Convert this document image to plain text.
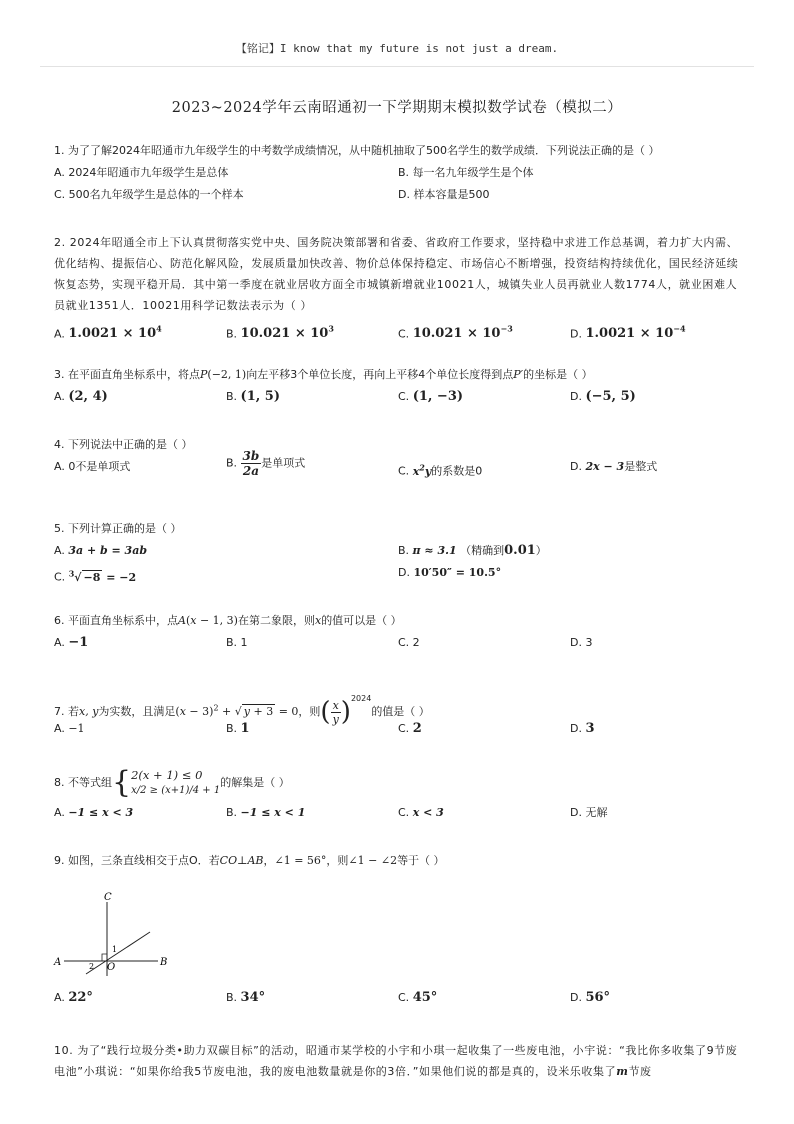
【铭记】I know that my future is not just a dream.
2023~2024学年云南昭通初一下学期期末模拟数学试卷（模拟二）
1. 为了了解2024年昭通市九年级学生的中考数学成绩情况，从中随机抽取了500名学生的数学成绩．下列说法正确的是（ ）
A. 2024年昭通市九年级学生是总体	B. 每一名九年级学生是个体
C. 500名九年级学生是总体的一个样本	D. 样本容量是500
2. 2024年昭通全市上下认真贯彻落实党中央、国务院决策部署和省委、省政府工作要求，坚持稳中求进工作总基调，着力扩大内需、优化结构、提振信心、防范化解风险，发展质量加快改善、物价总体保持稳定、市场信心不断增强，投资结构持续优化，国民经济延续恢复态势，实现平稳开局．其中第一季度在就业居收方面全市城镇新增就业10021人，城镇失业人员再就业人数1774人，就业困难人员就业1351人．10021用科学记数法表示为（ ）
A. $1.0021 \times 10^4$	B. $10.021 \times 10^3$	C. $10.021 \times 10^{-3}$	D. $1.0021 \times 10^{-4}$
3. 在平面直角坐标系中，将点P(−2, 1)向左平移3个单位长度，再向上平移4个单位长度得到点P′的坐标是（ ）
A. (2, 4)	B. (1, 5)	C. (1, −3)	D. (−5, 5)
4. 下列说法中正确的是（ ）
A. 0不是单项式	B. $\frac{3b}{2a}$ 是单项式
C. $x^2y$的系数是0	D. 2x − 3是整式
5. 下列计算正确的是（ ）
A. 3a + b = 3ab	B. π ≈ 3.1 （精确到0.01）
C. $^3$√ −8 = −2	D. 10′50″ = 10.5°
6. 平面直角坐标系中，点A(x − 1, 3)在第二象限，则x的值可以是（ ）
A. −1	B. 1	C. 2	D. 3
7. 若x, y为实数，且满足$(x - 3)^2$ + √ y + 3 = 0，则( $\frac{x}{y} )^{2024}$的值是（ ）
A. −1	B. 1	C. 2	D. 3
8. 不等式组{ 2(x + 1) ≤ 0
x/2 ≥ (x+1)/4 + 1
的解集是（ ）
A. −1 ≤ x < 3	B. −1 ≤ x < 1	C. x < 3	D. 无解
9. 如图，三条直线相交于点O．若CO⊥AB，∠1 = 56°，则∠1 − ∠2等于（ ）
C
A	B
O
1
2
A. 22°	B. 34°	C. 45°	D. 56°
10. 为了“践行垃圾分类•助力双碳目标”的活动，昭通市某学校的小宇和小琪一起收集了一些废电池，小宇说：“我比你多收集了9节废电池”小琪说：“如果你给我5节废电池，我的废电池数量就是你的3倍．”如果他们说的都是真的，设米乐收集了m节废
